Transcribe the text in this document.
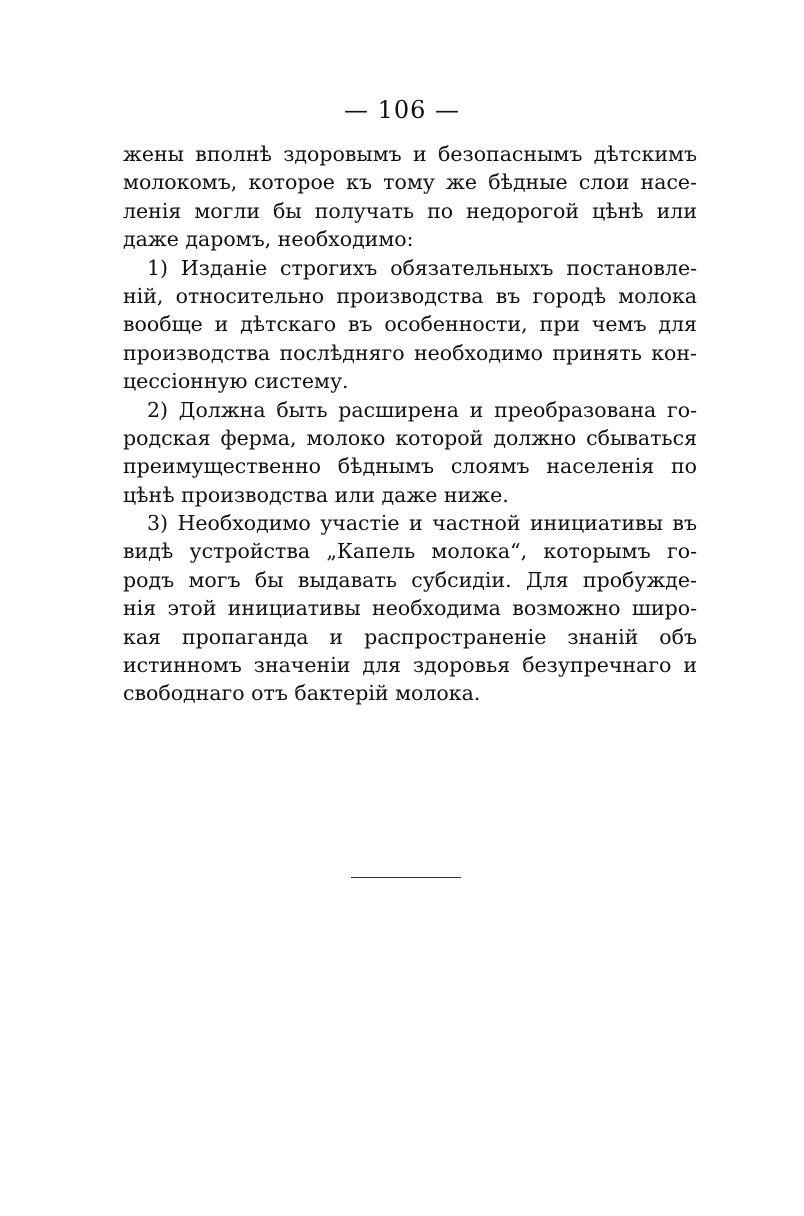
— 106 —
жены вполнѣ здоровымъ и безопаснымъ дѣтскимъ
молокомъ, которое къ тому же бѣдные слои насе-
ленія могли бы получать по недорогой цѣнѣ или
даже даромъ, необходимо:
1) Изданіе строгихъ обязательныхъ постановле-
ній, относительно производства въ городѣ молока
вообще и дѣтскаго въ особенности, при чемъ для
производства послѣдняго необходимо принять кон-
цессіонную систему.
2) Должна быть расширена и преобразована го-
родская ферма, молоко которой должно сбываться
преимущественно бѣднымъ слоямъ населенія по
цѣнѣ производства или даже ниже.
3) Необходимо участіе и частной инициативы въ
видѣ устройства „Капель молока“, которымъ го-
родъ могъ бы выдавать субсидіи. Для пробужде-
нія этой инициативы необходима возможно широ-
кая пропаганда и распространеніе знаній объ
истинномъ значеніи для здоровья безупречнаго и
свободнаго отъ бактерій молока.
